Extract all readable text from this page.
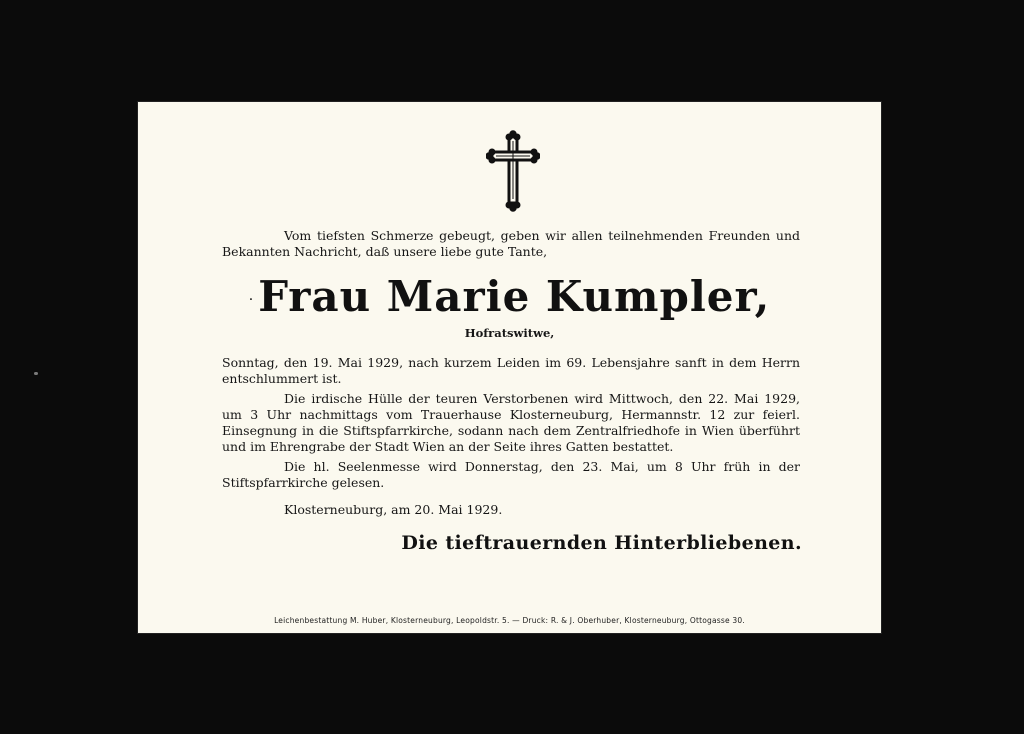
Vom tiefsten Schmerze gebeugt, geben wir allen teilnehmenden Freunden und Bekannten Nachricht, daß unsere liebe gute Tante,
·Frau Marie Kumpler,
Hofratswitwe,
Sonntag, den 19. Mai 1929, nach kurzem Leiden im 69. Lebensjahre sanft in dem Herrn entschlummert ist.
Die irdische Hülle der teuren Verstorbenen wird Mittwoch, den 22. Mai 1929, um 3 Uhr nachmittags vom Trauerhause Klosterneuburg, Hermannstr. 12 zur feierl. Einsegnung in die Stiftspfarrkirche, sodann nach dem Zentralfriedhofe in Wien überführt und im Ehrengrabe der Stadt Wien an der Seite ihres Gatten bestattet.
Die hl. Seelenmesse wird Donnerstag, den 23. Mai, um 8 Uhr früh in der Stiftspfarrkirche gelesen.
Klosterneuburg, am 20. Mai 1929.
Die tieftrauernden Hinterbliebenen.
Leichenbestattung M. Huber, Klosterneuburg, Leopoldstr. 5. — Druck: R. & J. Oberhuber, Klosterneuburg, Ottogasse 30.
